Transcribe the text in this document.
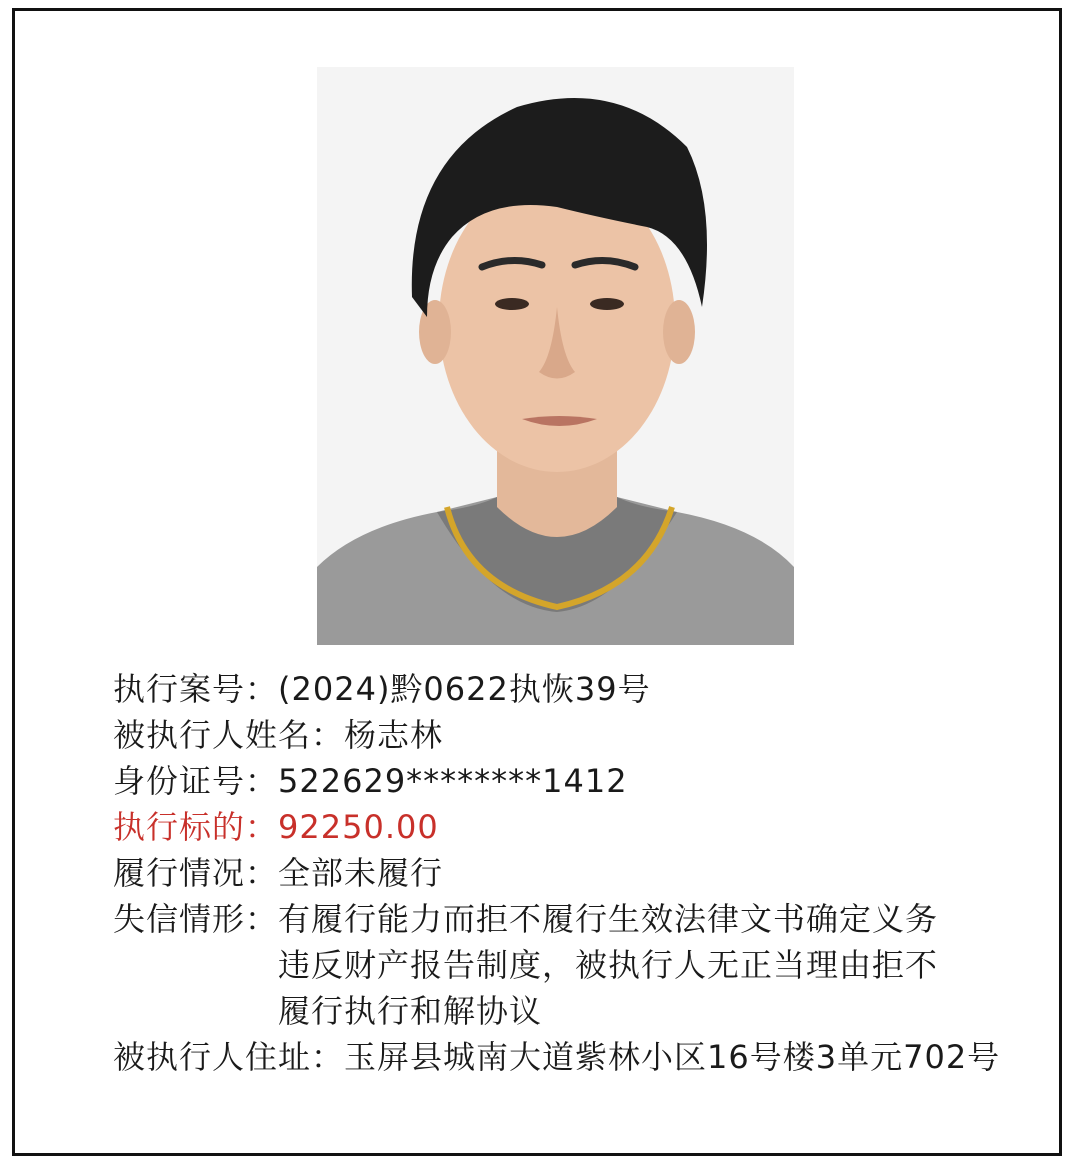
执行案号： (2024)黔0622执恢39号
被执行人姓名： 杨志林
身份证号： 522629********1412
执行标的： 92250.00
履行情况： 全部未履行
失信情形： 有履行能力而拒不履行生效法律文书确定义务
违反财产报告制度，被执行人无正当理由拒不
履行执行和解协议
被执行人住址： 玉屏县城南大道紫林小区16号楼3单元702号
